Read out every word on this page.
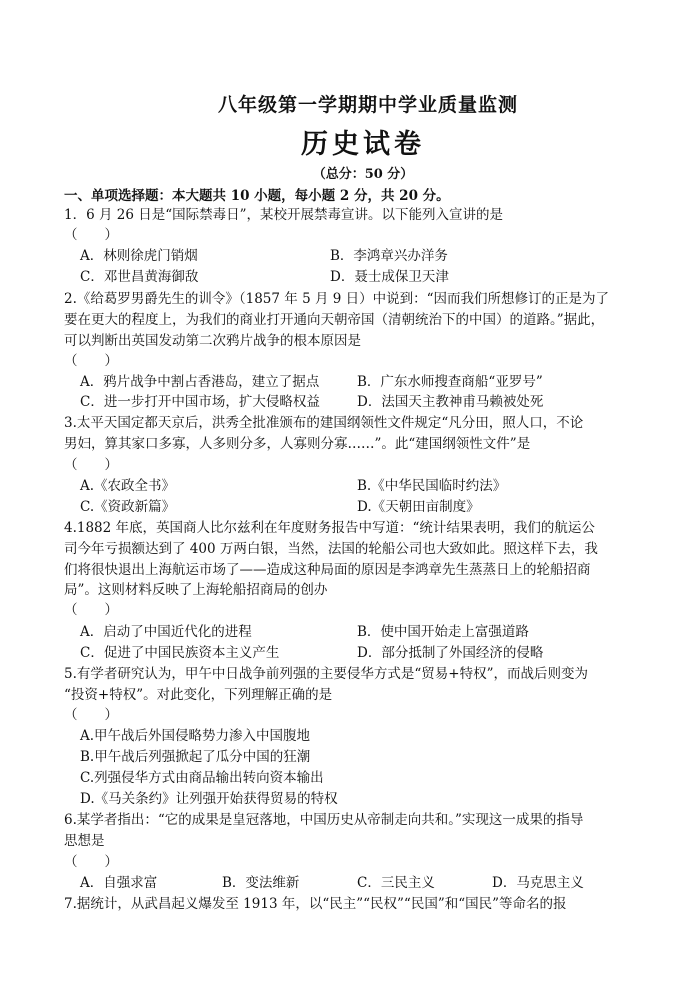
八年级第一学期期中学业质量监测
历史试卷
（总分：50 分）
一、单项选择题：本大题共 10 小题，每小题 2 分，共 20 分。
1．6 月 26 日是“国际禁毒日”，某校开展禁毒宣讲。以下能列入宣讲的是
（　　）
A．林则徐虎门销烟	B．李鸿章兴办洋务
C．邓世昌黄海御敌	D．聂士成保卫天津
2.《给葛罗男爵先生的训令》（1857 年 5 月 9 日）中说到：“因而我们所想修订的正是为了
要在更大的程度上，为我们的商业打开通向天朝帝国（清朝统治下的中国）的道路。”据此，
可以判断出英国发动第二次鸦片战争的根本原因是
（　　）
A．鸦片战争中割占香港岛，建立了据点	B．广东水师搜查商船“亚罗号”
C．进一步打开中国市场，扩大侵略权益	D．法国天主教神甫马赖被处死
3.太平天国定都天京后，洪秀全批准颁布的建国纲领性文件规定“凡分田，照人口，不论
男妇，算其家口多寡，人多则分多，人寡则分寡……”。此“建国纲领性文件”是
（　　）
A.《农政全书》	B.《中华民国临时约法》
C.《资政新篇》	D.《天朝田亩制度》
4.1882 年底，英国商人比尔兹利在年度财务报告中写道：“统计结果表明，我们的航运公
司今年亏损额达到了 400 万两白银，当然，法国的轮船公司也大致如此。照这样下去，我
们将很快退出上海航运市场了——造成这种局面的原因是李鸿章先生蒸蒸日上的轮船招商
局”。这则材料反映了上海轮船招商局的创办
（　　）
A．启动了中国近代化的进程	B．使中国开始走上富强道路
C．促进了中国民族资本主义产生	D．部分抵制了外国经济的侵略
5.有学者研究认为，甲午中日战争前列强的主要侵华方式是“贸易+特权”，而战后则变为
“投资+特权”。对此变化，下列理解正确的是
（　　）
A.甲午战后外国侵略势力渗入中国腹地
B.甲午战后列强掀起了瓜分中国的狂潮
C.列强侵华方式由商品输出转向资本输出
D.《马关条约》让列强开始获得贸易的特权
6.某学者指出：“它的成果是皇冠落地，中国历史从帝制走向共和。”实现这一成果的指导
思想是
（　　）
A．自强求富	B．变法维新	C．三民主义	D．马克思主义
7.据统计，从武昌起义爆发至 1913 年，以“民主”“民权”“民国”和“国民”等命名的报
